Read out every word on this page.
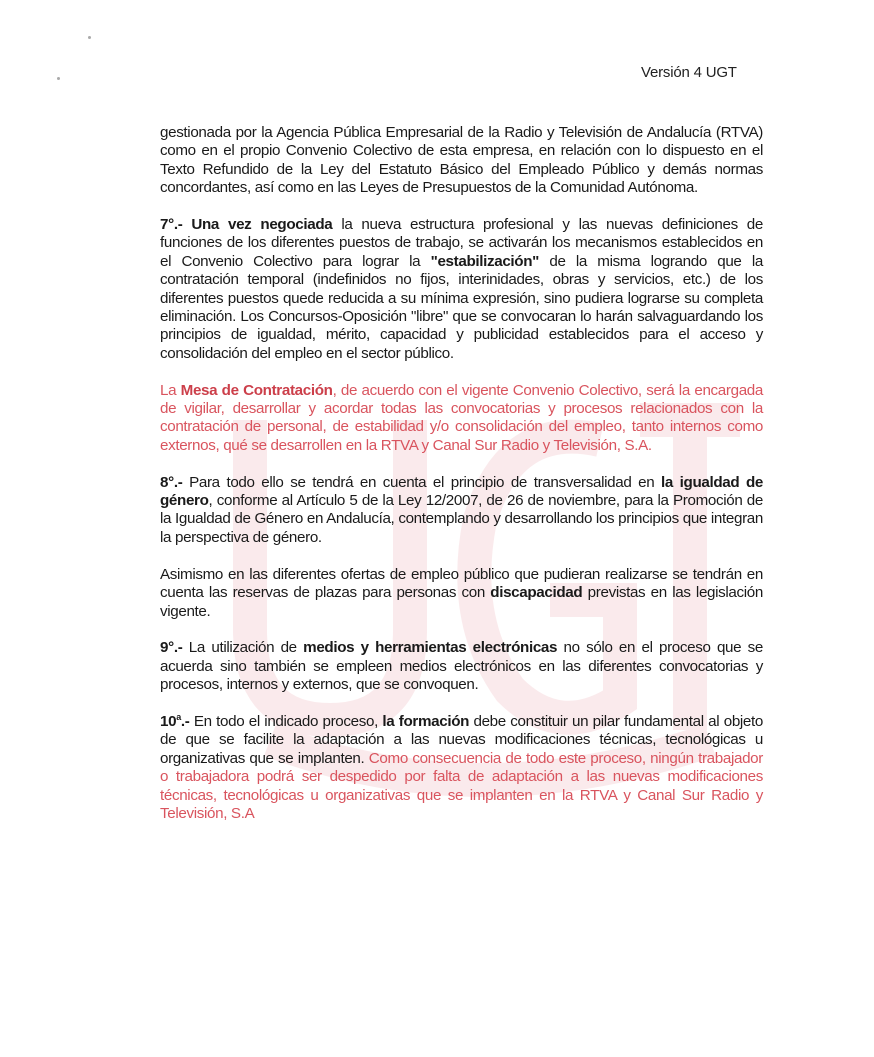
Versión 4 UGT

gestionada por la Agencia Pública Empresarial de la Radio y Televisión de Andalucía (RTVA) como en el propio Convenio Colectivo de esta empresa, en relación con lo dispuesto en el Texto Refundido de la Ley del Estatuto Básico del Empleado Público y demás normas concordantes, así como en las Leyes de Presupuestos de la Comunidad Autónoma.

7°.- Una vez negociada la nueva estructura profesional y las nuevas definiciones de funciones de los diferentes puestos de trabajo, se activarán los mecanismos establecidos en el Convenio Colectivo para lograr la "estabilización" de la misma logrando que la contratación temporal (indefinidos no fijos, interinidades, obras y servicios, etc.) de los diferentes puestos quede reducida a su mínima expresión, sino pudiera lograrse su completa eliminación. Los Concursos-Oposición "libre" que se convocaran lo harán salvaguardando los principios de igualdad, mérito, capacidad y publicidad establecidos para el acceso y consolidación del empleo en el sector público.

La Mesa de Contratación, de acuerdo con el vigente Convenio Colectivo, será la encargada de vigilar, desarrollar y acordar todas las convocatorias y procesos relacionados con la contratación de personal, de estabilidad y/o consolidación del empleo, tanto internos como externos, qué se desarrollen en la RTVA y Canal Sur Radio y Televisión, S.A.

8°.- Para todo ello se tendrá en cuenta el principio de transversalidad en la igualdad de género, conforme al Artículo 5 de la Ley 12/2007, de 26 de noviembre, para la Promoción de la Igualdad de Género en Andalucía, contemplando y desarrollando los principios que integran la perspectiva de género.

Asimismo en las diferentes ofertas de empleo público que pudieran realizarse se tendrán en cuenta las reservas de plazas para personas con discapacidad previstas en las legislación vigente.

9°.- La utilización de medios y herramientas electrónicas no sólo en el proceso que se acuerda sino también se empleen medios electrónicos en las diferentes convocatorias y procesos, internos y externos, que se convoquen.

10$^a$.- En todo el indicado proceso, la formación debe constituir un pilar fundamental al objeto de que se facilite la adaptación a las nuevas modificaciones técnicas, tecnológicas u organizativas que se implanten. Como consecuencia de todo este proceso, ningún trabajador o trabajadora podrá ser despedido por falta de adaptación a las nuevas modificaciones técnicas, tecnológicas u organizativas que se implanten en la RTVA y Canal Sur Radio y Televisión, S.A
